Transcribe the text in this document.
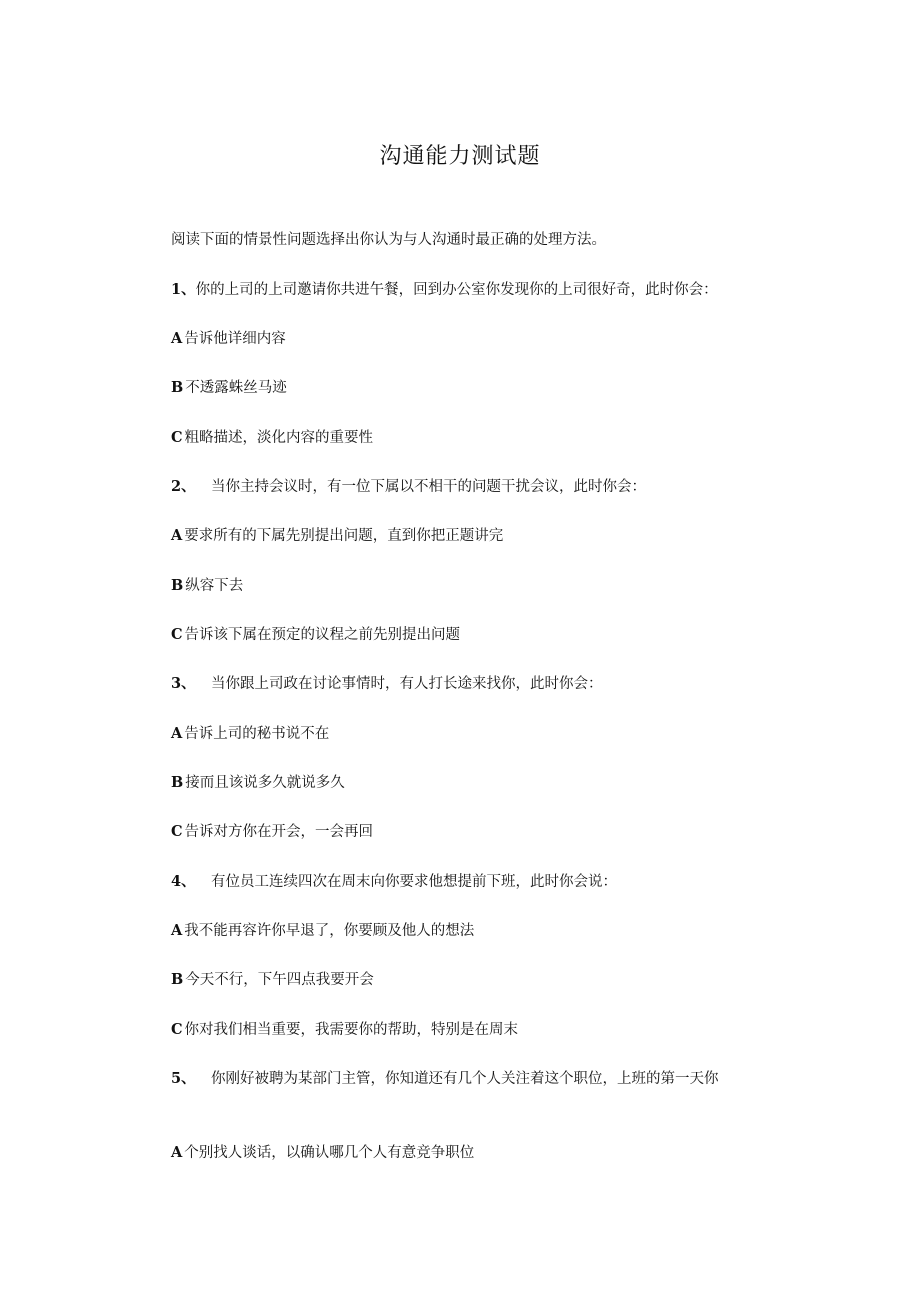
沟通能力测试题
阅读下面的情景性问题选择出你认为与人沟通时最正确的处理方法。
1、你的上司的上司邀请你共进午餐，回到办公室你发现你的上司很好奇，此时你会：
A 告诉他详细内容
B 不透露蛛丝马迹
C 粗略描述，淡化内容的重要性
2、 当你主持会议时，有一位下属以不相干的问题干扰会议，此时你会：
A 要求所有的下属先别提出问题，直到你把正题讲完
B 纵容下去
C 告诉该下属在预定的议程之前先别提出问题
3、 当你跟上司政在讨论事情时，有人打长途来找你，此时你会：
A 告诉上司的秘书说不在
B 接而且该说多久就说多久
C 告诉对方你在开会，一会再回
4、 有位员工连续四次在周末向你要求他想提前下班，此时你会说：
A 我不能再容许你早退了，你要顾及他人的想法
B 今天不行，下午四点我要开会
C 你对我们相当重要，我需要你的帮助，特别是在周末
5、 你刚好被聘为某部门主管，你知道还有几个人关注着这个职位，上班的第一天你
A 个别找人谈话，以确认哪几个人有意竞争职位
